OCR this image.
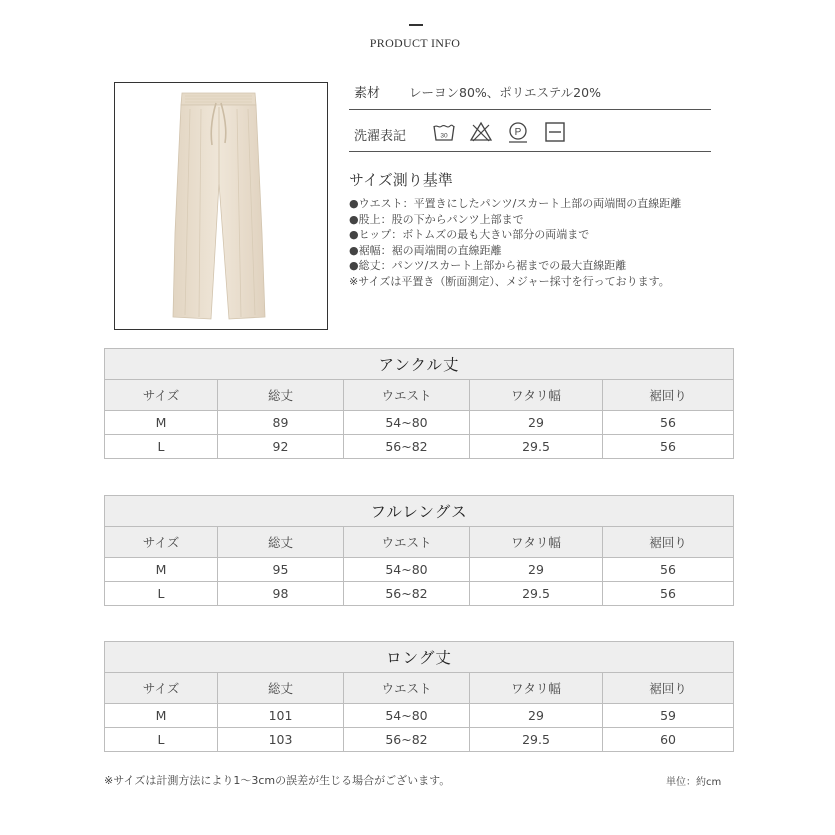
PRODUCT INFO
素材 レーヨン80%、ポリエステル20%
洗濯表記	30	P
サイズ測り基準
●ウエスト：平置きにしたパンツ/スカート上部の両端間の直線距離
●股上：股の下からパンツ上部まで
●ヒップ：ボトムズの最も大きい部分の両端まで
●裾幅：裾の両端間の直線距離
●総丈：パンツ/スカート上部から裾までの最大直線距離
※サイズは平置き（断面測定）、メジャー採寸を行っております。
アンクル丈				
サイズ	総丈	ウエスト	ワタリ幅	裾回り
M	89	54~80	29	56
L	92	56~82	29.5	56
フルレングス				
サイズ	総丈	ウエスト	ワタリ幅	裾回り
M	95	54~80	29	56
L	98	56~82	29.5	56
ロング丈				
サイズ	総丈	ウエスト	ワタリ幅	裾回り
M	101	54~80	29	59
L	103	56~82	29.5	60
※サイズは計測方法により1〜3cmの誤差が生じる場合がございます。	単位：約cm
